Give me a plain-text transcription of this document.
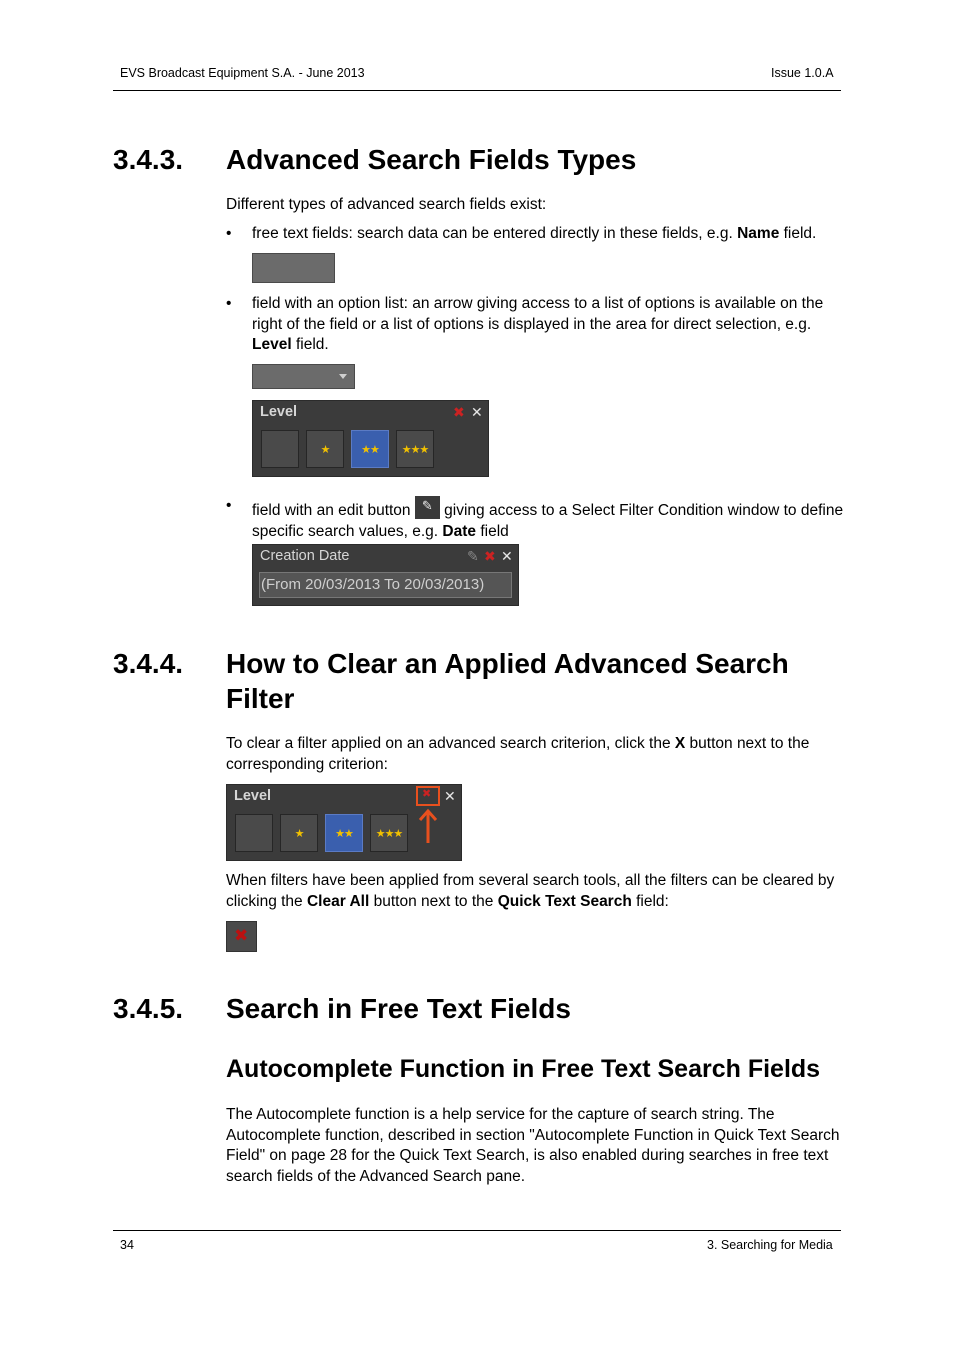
EVS Broadcast Equipment S.A. - June 2013	Issue 1.0.A
3.4.3. Advanced Search Fields Types

Different types of advanced search fields exist:

• free text fields: search data can be entered directly in these fields, e.g. Name field.

• field with an option list: an arrow giving access to a list of options is available on the right of the field or a list of options is displayed in the area for direct selection, e.g. Level field.

Level	✖ ✕
★	★★	★★★
• field with an edit button ✎ giving access to a Select Filter Condition window to define specific search values, e.g. Date field

Creation Date	✎ ✖ ✕
(From 20/03/2013 To 20/03/2013)
3.4.4. How to Clear an Applied Advanced Search Filter

To clear a filter applied on an advanced search criterion, click the X button next to the corresponding criterion:

Level	✖ ✕
★	★★	★★★

When filters have been applied from several search tools, all the filters can be cleared by clicking the Clear All button next to the Quick Text Search field:

✖
3.4.5. Search in Free Text Fields
Autocomplete Function in Free Text Search Fields

The Autocomplete function is a help service for the capture of search string. The Autocomplete function, described in section "Autocomplete Function in Quick Text Search Field" on page 28 for the Quick Text Search, is also enabled during searches in free text search fields of the Advanced Search pane.

34	3. Searching for Media
